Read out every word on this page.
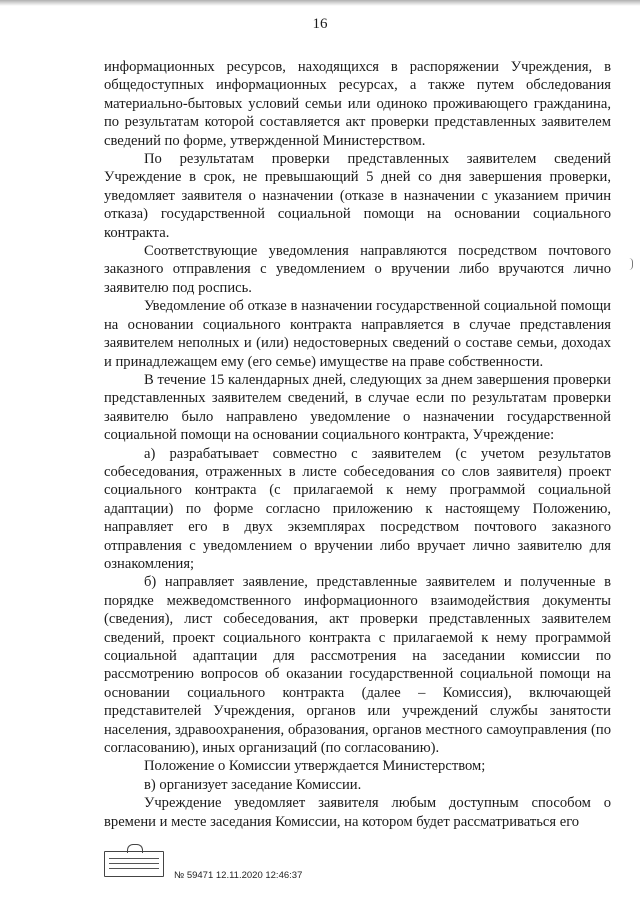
16

информационных ресурсов, находящихся в распоряжении Учреждения, в общедоступных информационных ресурсах, а также путем обследования материально-бытовых условий семьи или одиноко проживающего гражданина, по результатам которой составляется акт проверки представленных заявителем сведений по форме, утвержденной Министерством.

По результатам проверки представленных заявителем сведений Учреждение в срок, не превышающий 5 дней со дня завершения проверки, уведомляет заявителя о назначении (отказе в назначении с указанием причин отказа) государственной социальной помощи на основании социального контракта.

Соответствующие уведомления направляются посредством почтового заказного отправления с уведомлением о вручении либо вручаются лично заявителю под роспись.

Уведомление об отказе в назначении государственной социальной помощи на основании социального контракта направляется в случае представления заявителем неполных и (или) недостоверных сведений о составе семьи, доходах и принадлежащем ему (его семье) имуществе на праве собственности.

В течение 15 календарных дней, следующих за днем завершения проверки представленных заявителем сведений, в случае если по результатам проверки заявителю было направлено уведомление о назначении государственной социальной помощи на основании социального контракта, Учреждение:

а) разрабатывает совместно с заявителем (с учетом результатов собеседования, отраженных в листе собеседования со слов заявителя) проект социального контракта (с прилагаемой к нему программой социальной адаптации) по форме согласно приложению к настоящему Положению, направляет его в двух экземплярах посредством почтового заказного отправления с уведомлением о вручении либо вручает лично заявителю для ознакомления;

б) направляет заявление, представленные заявителем и полученные в порядке межведомственного информационного взаимодействия документы (сведения), лист собеседования, акт проверки представленных заявителем сведений, проект социального контракта с прилагаемой к нему программой социальной адаптации для рассмотрения на заседании комиссии по рассмотрению вопросов об оказании государственной социальной помощи на основании социального контракта (далее – Комиссия), включающей представителей Учреждения, органов или учреждений службы занятости населения, здравоохранения, образования, органов местного самоуправления (по согласованию), иных организаций (по согласованию).

Положение о Комиссии утверждается Министерством;

в) организует заседание Комиссии.

Учреждение уведомляет заявителя любым доступным способом о времени и месте заседания Комиссии, на котором будет рассматриваться его

№ 59471 12.11.2020 12:46:37
